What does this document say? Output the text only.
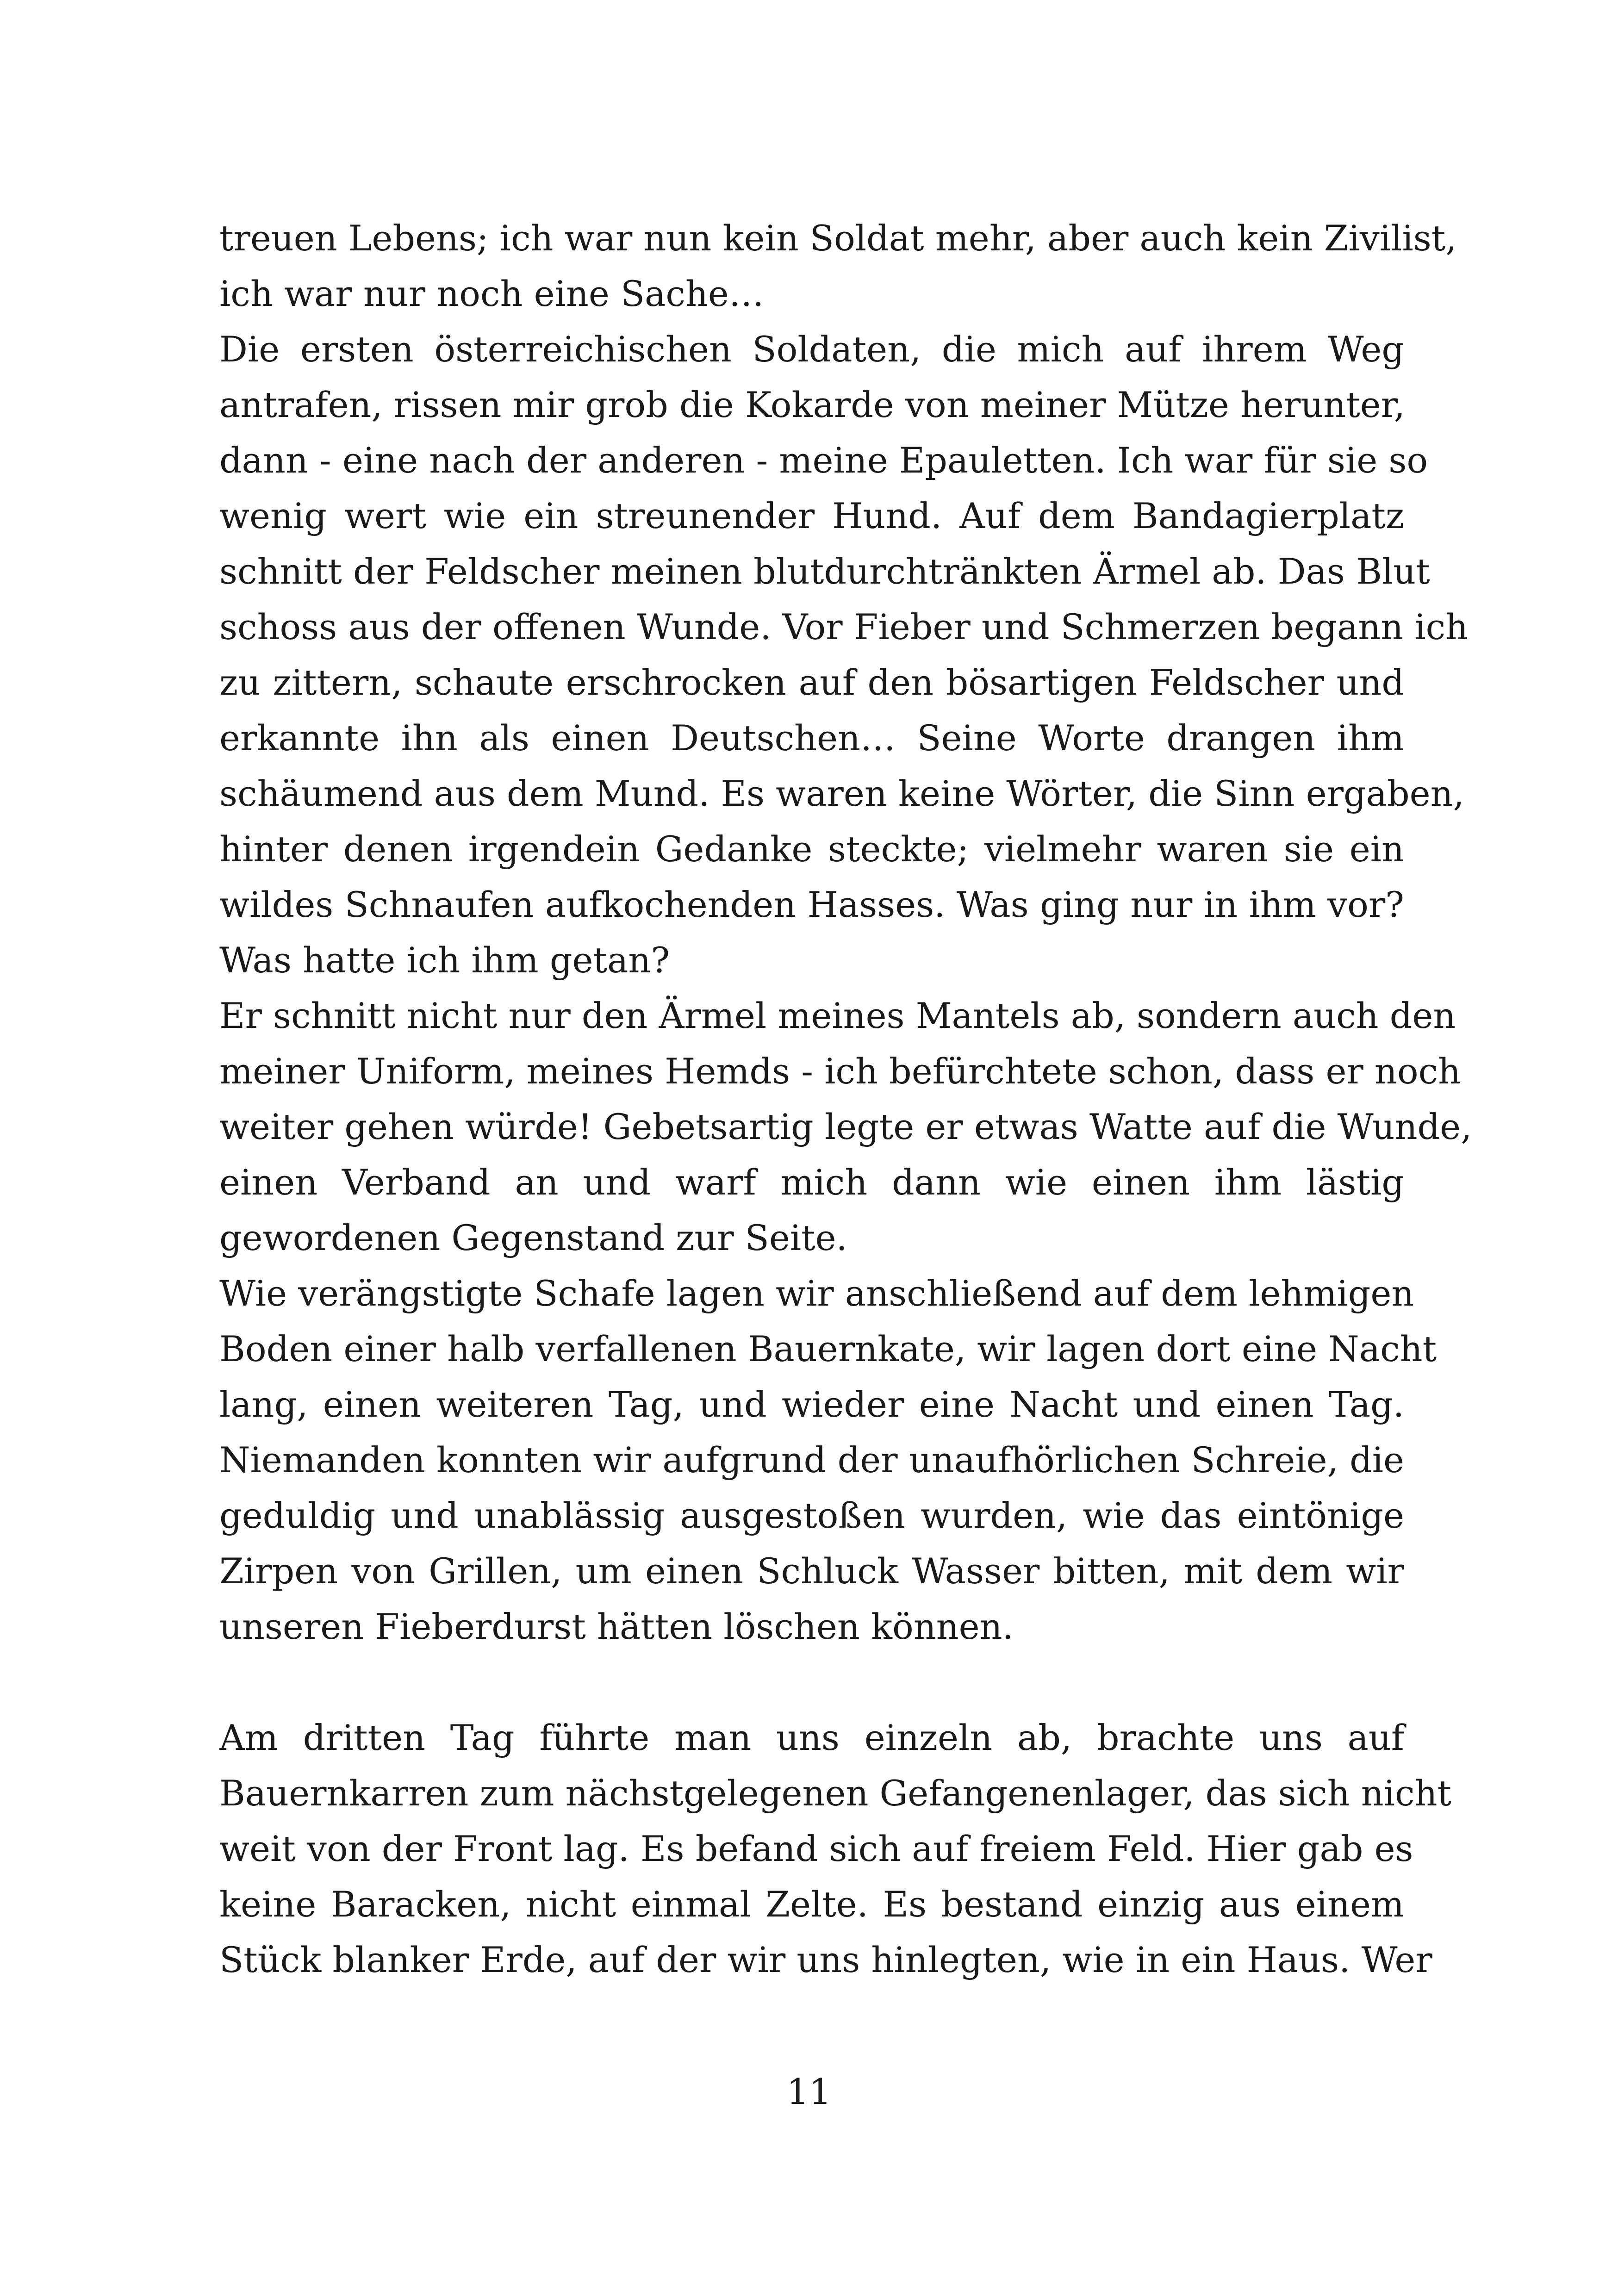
treuen Lebens; ich war nun kein Soldat mehr, aber auch kein Zivilist,
ich war nur noch eine Sache…

Die ersten österreichischen Soldaten, die mich auf ihrem Weg
antrafen, rissen mir grob die Kokarde von meiner Mütze herunter,
dann - eine nach der anderen - meine Epauletten. Ich war für sie so
wenig wert wie ein streunender Hund. Auf dem Bandagierplatz
schnitt der Feldscher meinen blutdurchtränkten Ärmel ab. Das Blut
schoss aus der offenen Wunde. Vor Fieber und Schmerzen begann ich
zu zittern, schaute erschrocken auf den bösartigen Feldscher und
erkannte ihn als einen Deutschen… Seine Worte drangen ihm
schäumend aus dem Mund. Es waren keine Wörter, die Sinn ergaben,
hinter denen irgendein Gedanke steckte; vielmehr waren sie ein
wildes Schnaufen aufkochenden Hasses. Was ging nur in ihm vor?
Was hatte ich ihm getan?

Er schnitt nicht nur den Ärmel meines Mantels ab, sondern auch den
meiner Uniform, meines Hemds - ich befürchtete schon, dass er noch
weiter gehen würde! Gebetsartig legte er etwas Watte auf die Wunde,
einen Verband an und warf mich dann wie einen ihm lästig
gewordenen Gegenstand zur Seite.

Wie verängstigte Schafe lagen wir anschließend auf dem lehmigen
Boden einer halb verfallenen Bauernkate, wir lagen dort eine Nacht
lang, einen weiteren Tag, und wieder eine Nacht und einen Tag.
Niemanden konnten wir aufgrund der unaufhörlichen Schreie, die
geduldig und unablässig ausgestoßen wurden, wie das eintönige
Zirpen von Grillen, um einen Schluck Wasser bitten, mit dem wir
unseren Fieberdurst hätten löschen können.

Am dritten Tag führte man uns einzeln ab, brachte uns auf
Bauernkarren zum nächstgelegenen Gefangenenlager, das sich nicht
weit von der Front lag. Es befand sich auf freiem Feld. Hier gab es
keine Baracken, nicht einmal Zelte. Es bestand einzig aus einem
Stück blanker Erde, auf der wir uns hinlegten, wie in ein Haus. Wer

11
